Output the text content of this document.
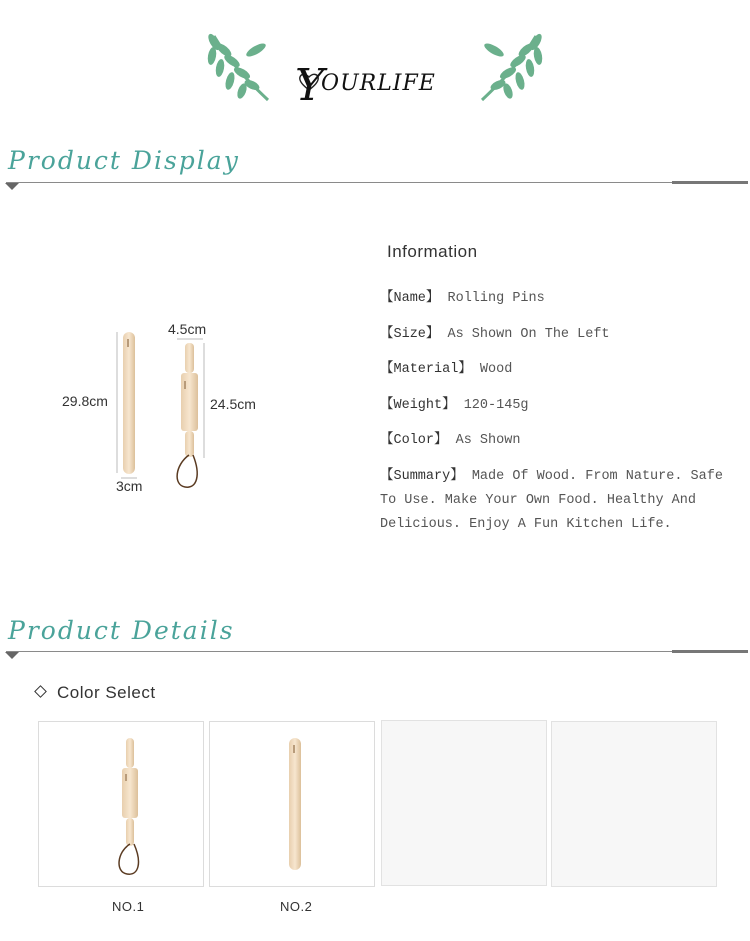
YOURLIFE
Product Display
29.8cm
3cm
4.5cm
24.5cm
Information
【Name】 Rolling Pins
【Size】 As Shown On The Left
【Material】 Wood
【Weight】 120-145g
【Color】 As Shown
【Summary】 Made Of Wood. From Nature. Safe To Use. Make Your Own Food. Healthy And Delicious. Enjoy A Fun Kitchen Life.
Product Details
Color Select
NO.1	NO.2
